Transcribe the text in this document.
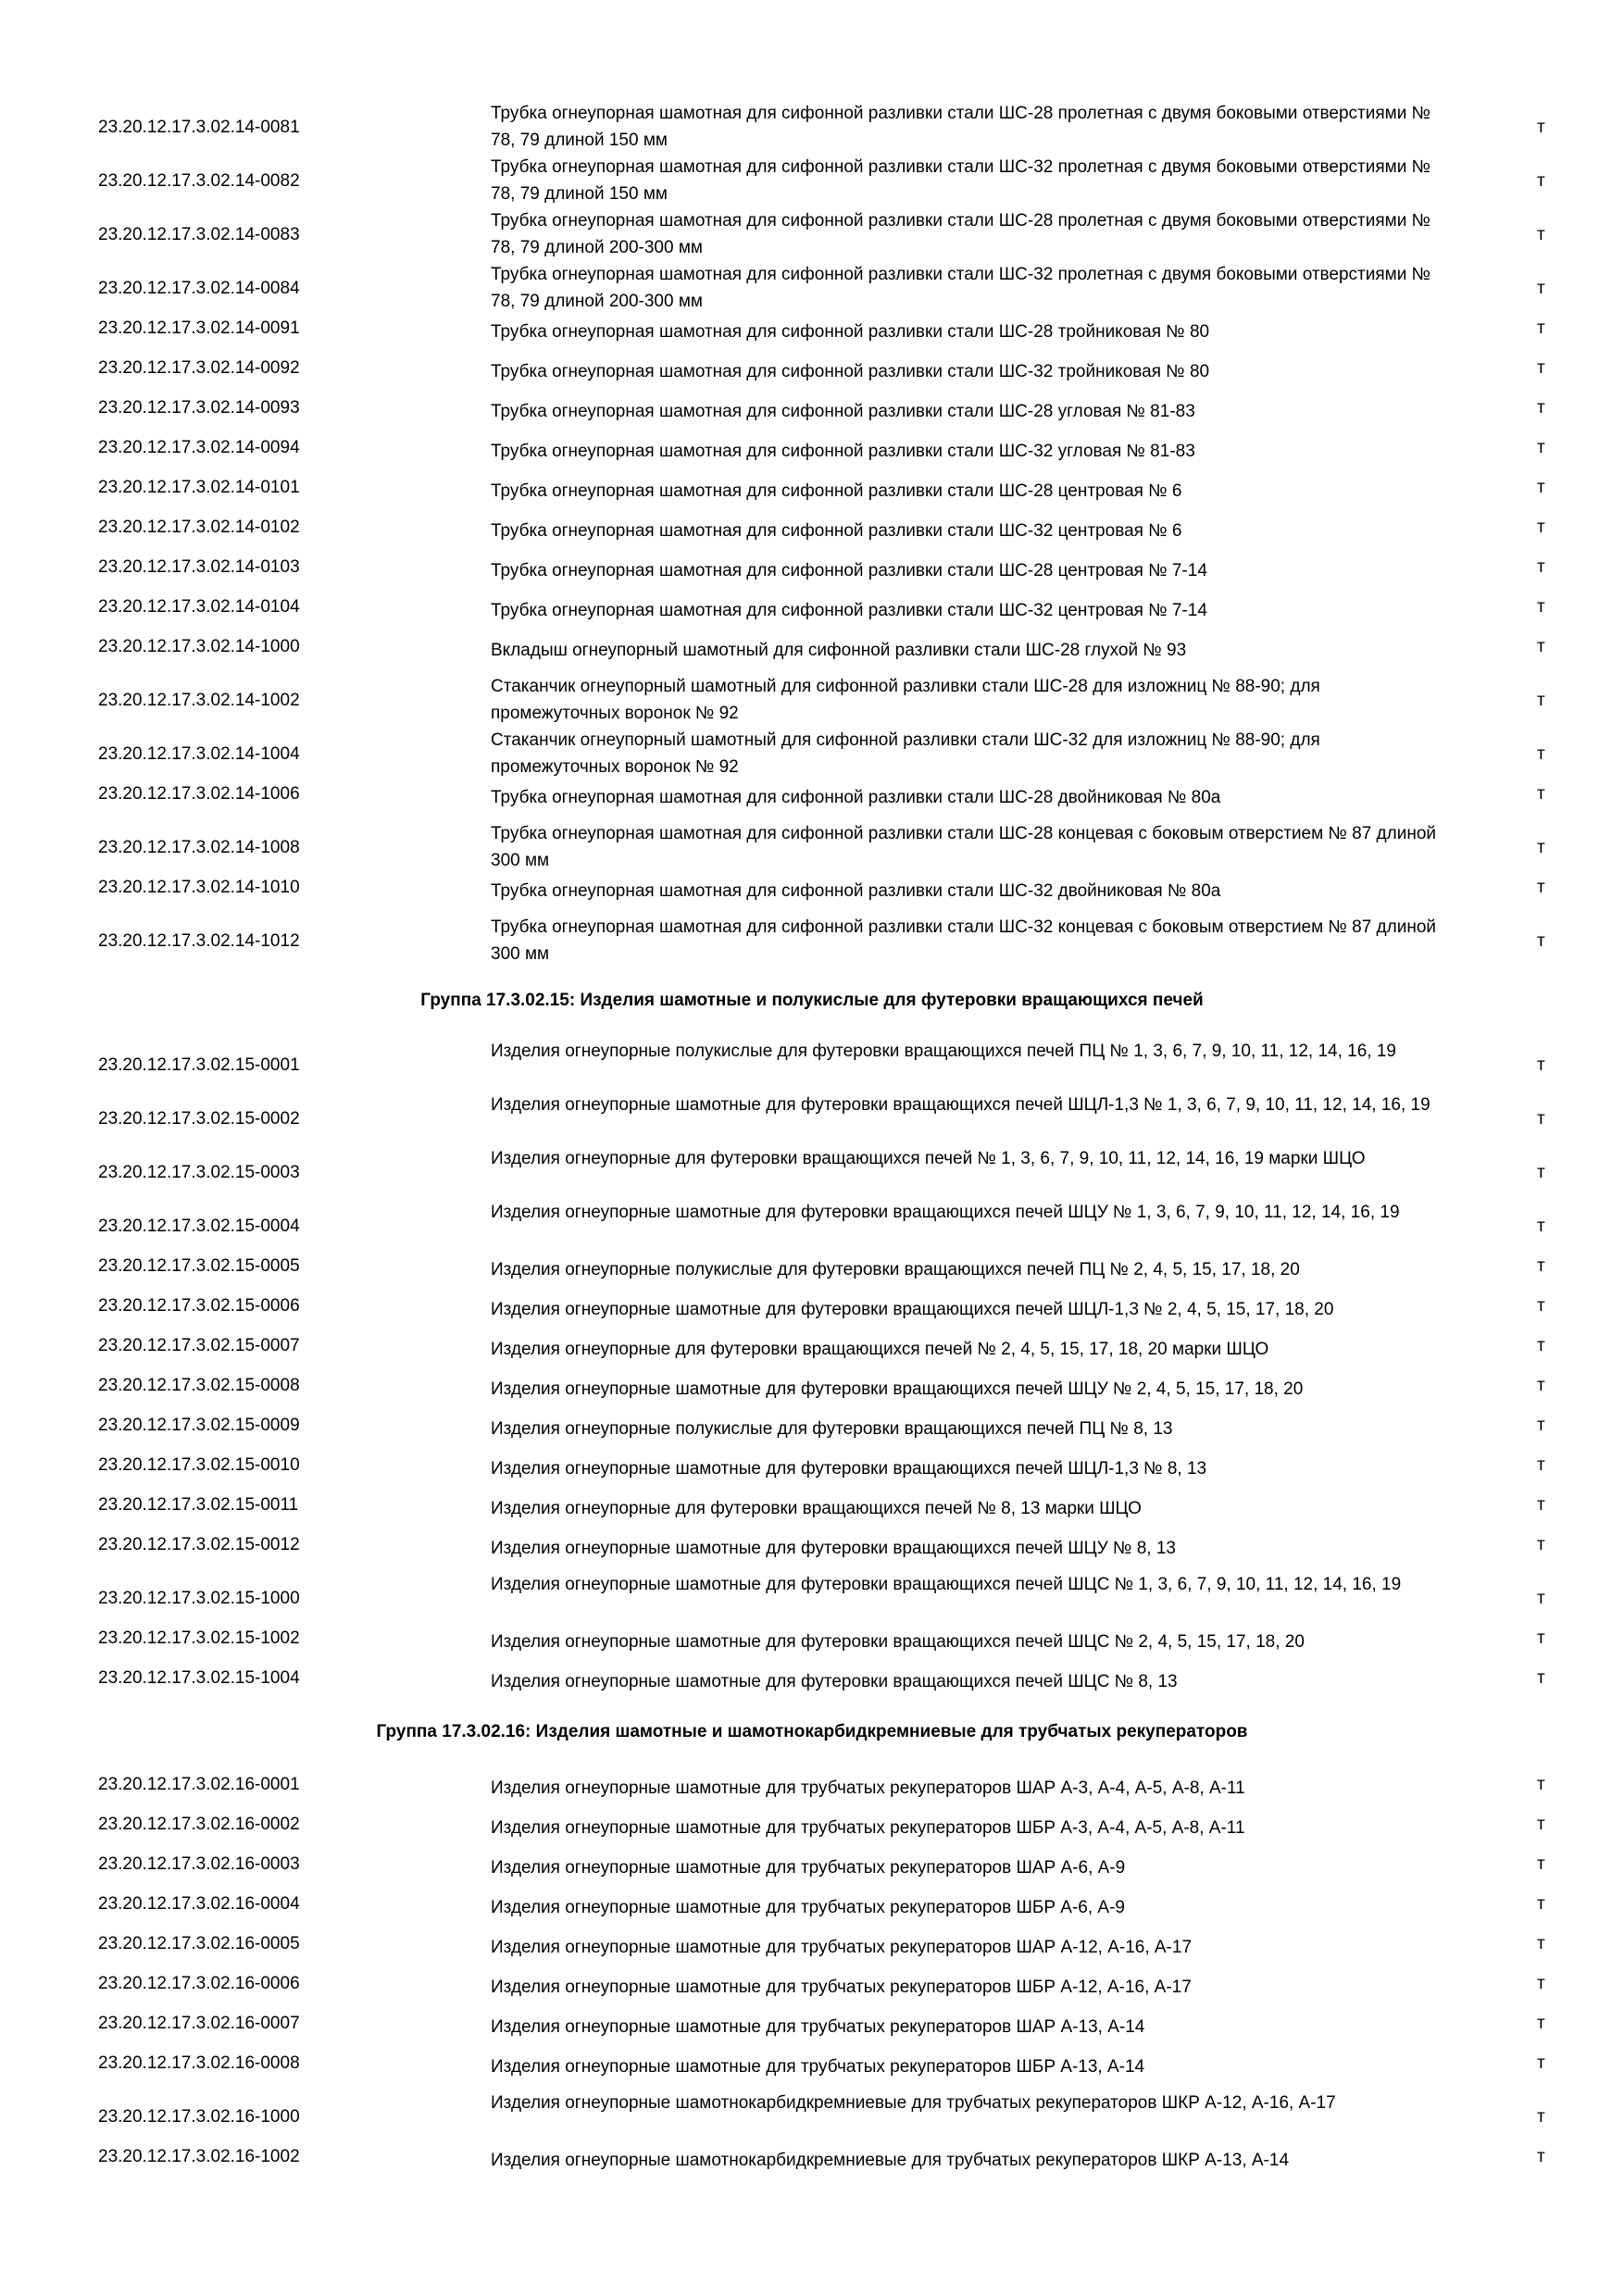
23.20.12.17.3.02.14-0081
Трубка огнеупорная шамотная для сифонной разливки стали ШС-28 пролетная с двумя боковыми отверстиями № 78, 79 длиной 150 мм
т
23.20.12.17.3.02.14-0082
Трубка огнеупорная шамотная для сифонной разливки стали ШС-32 пролетная с двумя боковыми отверстиями № 78, 79 длиной 150 мм
т
23.20.12.17.3.02.14-0083
Трубка огнеупорная шамотная для сифонной разливки стали ШС-28 пролетная с двумя боковыми отверстиями № 78, 79 длиной 200-300 мм
т
23.20.12.17.3.02.14-0084
Трубка огнеупорная шамотная для сифонной разливки стали ШС-32 пролетная с двумя боковыми отверстиями № 78, 79 длиной 200-300 мм
т
23.20.12.17.3.02.14-0091	Трубка огнеупорная шамотная для сифонной разливки стали ШС-28 тройниковая № 80	т
23.20.12.17.3.02.14-0092	Трубка огнеупорная шамотная для сифонной разливки стали ШС-32 тройниковая № 80	т
23.20.12.17.3.02.14-0093	Трубка огнеупорная шамотная для сифонной разливки стали ШС-28 угловая № 81-83	т
23.20.12.17.3.02.14-0094	Трубка огнеупорная шамотная для сифонной разливки стали ШС-32 угловая № 81-83	т
23.20.12.17.3.02.14-0101	Трубка огнеупорная шамотная для сифонной разливки стали ШС-28 центровая № 6	т
23.20.12.17.3.02.14-0102	Трубка огнеупорная шамотная для сифонной разливки стали ШС-32 центровая № 6	т
23.20.12.17.3.02.14-0103	Трубка огнеупорная шамотная для сифонной разливки стали ШС-28 центровая № 7-14	т
23.20.12.17.3.02.14-0104	Трубка огнеупорная шамотная для сифонной разливки стали ШС-32 центровая № 7-14	т
23.20.12.17.3.02.14-1000	Вкладыш огнеупорный шамотный для сифонной разливки стали ШС-28 глухой № 93	т
23.20.12.17.3.02.14-1002
Стаканчик огнеупорный шамотный для сифонной разливки стали ШС-28 для изложниц № 88-90; для промежуточных воронок № 92
т
23.20.12.17.3.02.14-1004
Стаканчик огнеупорный шамотный для сифонной разливки стали ШС-32 для изложниц № 88-90; для промежуточных воронок № 92
т
23.20.12.17.3.02.14-1006	Трубка огнеупорная шамотная для сифонной разливки стали ШС-28 двойниковая № 80а	т
23.20.12.17.3.02.14-1008
Трубка огнеупорная шамотная для сифонной разливки стали ШС-28 концевая с боковым отверстием № 87 длиной 300 мм
т
23.20.12.17.3.02.14-1010	Трубка огнеупорная шамотная для сифонной разливки стали ШС-32 двойниковая № 80а	т
23.20.12.17.3.02.14-1012
Трубка огнеупорная шамотная для сифонной разливки стали ШС-32 концевая с боковым отверстием № 87 длиной 300 мм
т
Группа 17.3.02.15: Изделия шамотные и полукислые для футеровки вращающихся печей
23.20.12.17.3.02.15-0001
Изделия огнеупорные полукислые для футеровки вращающихся печей ПЦ № 1, 3, 6, 7, 9, 10, 11, 12, 14, 16, 19
т
23.20.12.17.3.02.15-0002
Изделия огнеупорные шамотные для футеровки вращающихся печей ШЦЛ-1,3 № 1, 3, 6, 7, 9, 10, 11, 12, 14, 16, 19
т
23.20.12.17.3.02.15-0003
Изделия огнеупорные для футеровки вращающихся печей № 1, 3, 6, 7, 9, 10, 11, 12, 14, 16, 19 марки ШЦО
т
23.20.12.17.3.02.15-0004
Изделия огнеупорные шамотные для футеровки вращающихся печей ШЦУ № 1, 3, 6, 7, 9, 10, 11, 12, 14, 16, 19
т
23.20.12.17.3.02.15-0005	Изделия огнеупорные полукислые для футеровки вращающихся печей ПЦ № 2, 4, 5, 15, 17, 18, 20	т
23.20.12.17.3.02.15-0006	Изделия огнеупорные шамотные для футеровки вращающихся печей ШЦЛ-1,3 № 2, 4, 5, 15, 17, 18, 20	т
23.20.12.17.3.02.15-0007	Изделия огнеупорные для футеровки вращающихся печей № 2, 4, 5, 15, 17, 18, 20 марки ШЦО	т
23.20.12.17.3.02.15-0008	Изделия огнеупорные шамотные для футеровки вращающихся печей ШЦУ № 2, 4, 5, 15, 17, 18, 20	т
23.20.12.17.3.02.15-0009	Изделия огнеупорные полукислые для футеровки вращающихся печей ПЦ № 8, 13	т
23.20.12.17.3.02.15-0010	Изделия огнеупорные шамотные для футеровки вращающихся печей ШЦЛ-1,3 № 8, 13	т
23.20.12.17.3.02.15-0011	Изделия огнеупорные для футеровки вращающихся печей № 8, 13 марки ШЦО	т
23.20.12.17.3.02.15-0012	Изделия огнеупорные шамотные для футеровки вращающихся печей ШЦУ № 8, 13	т
23.20.12.17.3.02.15-1000
Изделия огнеупорные шамотные для футеровки вращающихся печей ШЦС № 1, 3, 6, 7, 9, 10, 11, 12, 14, 16, 19
т
23.20.12.17.3.02.15-1002	Изделия огнеупорные шамотные для футеровки вращающихся печей ШЦС № 2, 4, 5, 15, 17, 18, 20	т
23.20.12.17.3.02.15-1004	Изделия огнеупорные шамотные для футеровки вращающихся печей ШЦС № 8, 13	т
Группа 17.3.02.16: Изделия шамотные и шамотнокарбидкремниевые для трубчатых рекуператоров
23.20.12.17.3.02.16-0001	Изделия огнеупорные шамотные для трубчатых рекуператоров ШАР А-3, А-4, А-5, А-8, А-11	т
23.20.12.17.3.02.16-0002	Изделия огнеупорные шамотные для трубчатых рекуператоров ШБР А-3, А-4, А-5, А-8, А-11	т
23.20.12.17.3.02.16-0003	Изделия огнеупорные шамотные для трубчатых рекуператоров ШАР А-6, А-9	т
23.20.12.17.3.02.16-0004	Изделия огнеупорные шамотные для трубчатых рекуператоров ШБР А-6, А-9	т
23.20.12.17.3.02.16-0005	Изделия огнеупорные шамотные для трубчатых рекуператоров ШАР А-12, А-16, А-17	т
23.20.12.17.3.02.16-0006	Изделия огнеупорные шамотные для трубчатых рекуператоров ШБР А-12, А-16, А-17	т
23.20.12.17.3.02.16-0007	Изделия огнеупорные шамотные для трубчатых рекуператоров ШАР А-13, А-14	т
23.20.12.17.3.02.16-0008	Изделия огнеупорные шамотные для трубчатых рекуператоров ШБР А-13, А-14	т
23.20.12.17.3.02.16-1000
Изделия огнеупорные шамотнокарбидкремниевые для трубчатых рекуператоров ШКР А-12, А-16, А-17
т
23.20.12.17.3.02.16-1002	Изделия огнеупорные шамотнокарбидкремниевые для трубчатых рекуператоров ШКР А-13, А-14	т
